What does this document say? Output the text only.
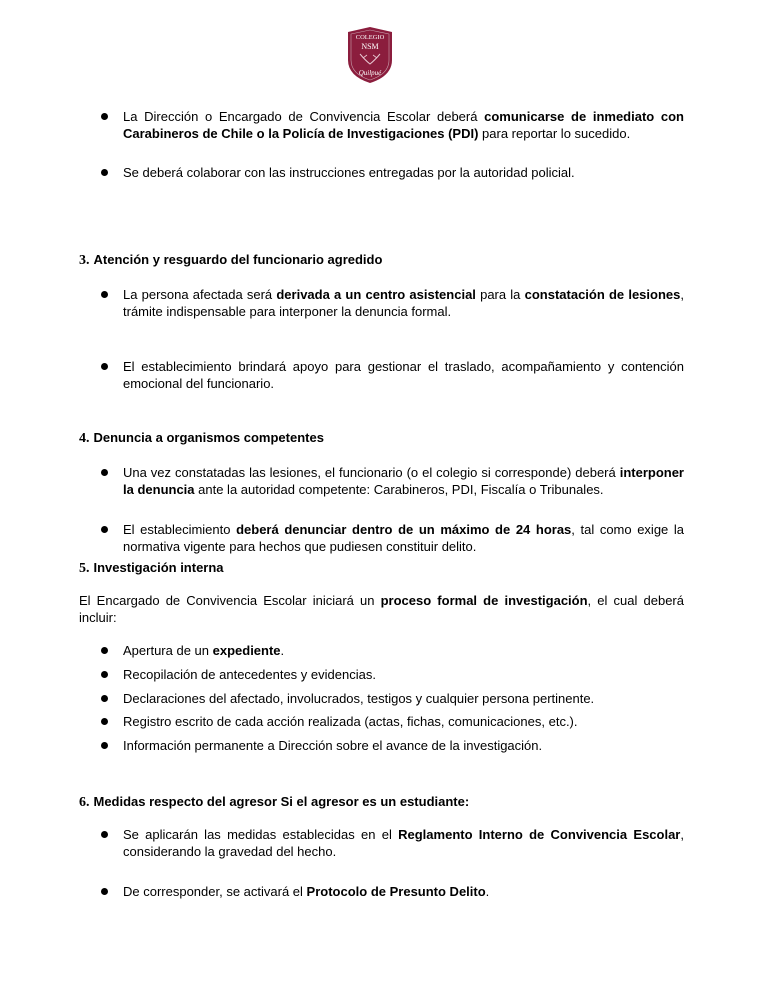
COLEGIO
NSM
Quilpué
La Dirección o Encargado de Convivencia Escolar deberá comunicarse de inmediato con Carabineros de Chile o la Policía de Investigaciones (PDI) para reportar lo sucedido.
Se deberá colaborar con las instrucciones entregadas por la autoridad policial.
3. Atención y resguardo del funcionario agredido
La persona afectada será derivada a un centro asistencial para la constatación de lesiones, trámite indispensable para interponer la denuncia formal.
El establecimiento brindará apoyo para gestionar el traslado, acompañamiento y contención emocional del funcionario.
4. Denuncia a organismos competentes
Una vez constatadas las lesiones, el funcionario (o el colegio si corresponde) deberá interponer la denuncia ante la autoridad competente: Carabineros, PDI, Fiscalía o Tribunales.
El establecimiento deberá denunciar dentro de un máximo de 24 horas, tal como exige la normativa vigente para hechos que pudiesen constituir delito.
5. Investigación interna
El Encargado de Convivencia Escolar iniciará un proceso formal de investigación, el cual deberá incluir:
Apertura de un expediente.
Recopilación de antecedentes y evidencias.
Declaraciones del afectado, involucrados, testigos y cualquier persona pertinente.
Registro escrito de cada acción realizada (actas, fichas, comunicaciones, etc.).
Información permanente a Dirección sobre el avance de la investigación.
6. Medidas respecto del agresor Si el agresor es un estudiante:
Se aplicarán las medidas establecidas en el Reglamento Interno de Convivencia Escolar, considerando la gravedad del hecho.
De corresponder, se activará el Protocolo de Presunto Delito.
